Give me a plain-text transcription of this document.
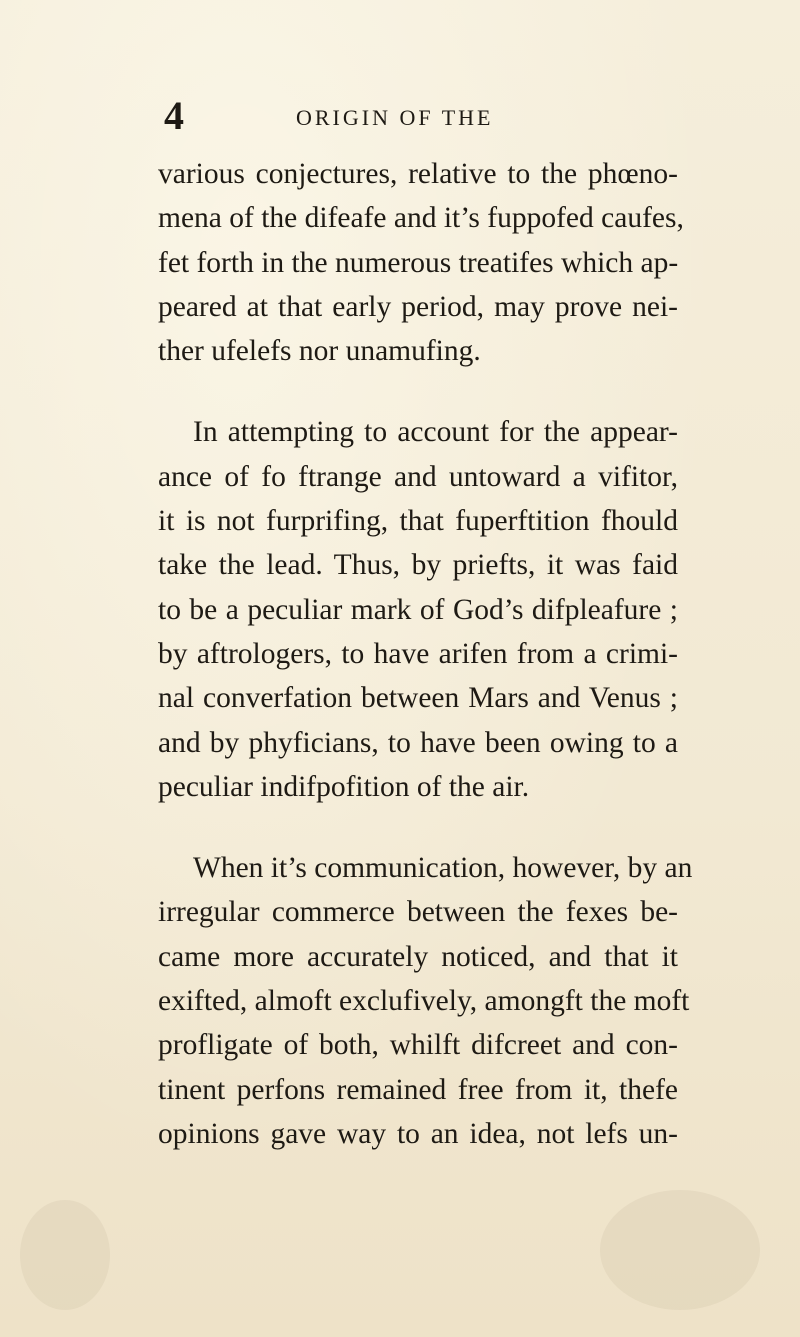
4	ORIGIN OF THE

various conjectures, relative to the phœno-
mena of the difeafe and it’s fuppofed caufes,
fet forth in the numerous treatifes which ap-
peared at that early period, may prove nei-
ther ufelefs nor unamufing.

In attempting to account for the appear-
ance of fo ftrange and untoward a vifitor,
it is not furprifing, that fuperftition fhould
take the lead. Thus, by priefts, it was faid
to be a peculiar mark of God’s difpleafure ;
by aftrologers, to have arifen from a crimi-
nal converfation between Mars and Venus ;
and by phyficians, to have been owing to a
peculiar indifpofition of the air.

When it’s communication, however, by an
irregular commerce between the fexes be-
came more accurately noticed, and that it
exifted, almoft exclufively, amongft the moft
profligate of both, whilft difcreet and con-
tinent perfons remained free from it, thefe
opinions gave way to an idea, not lefs un-
